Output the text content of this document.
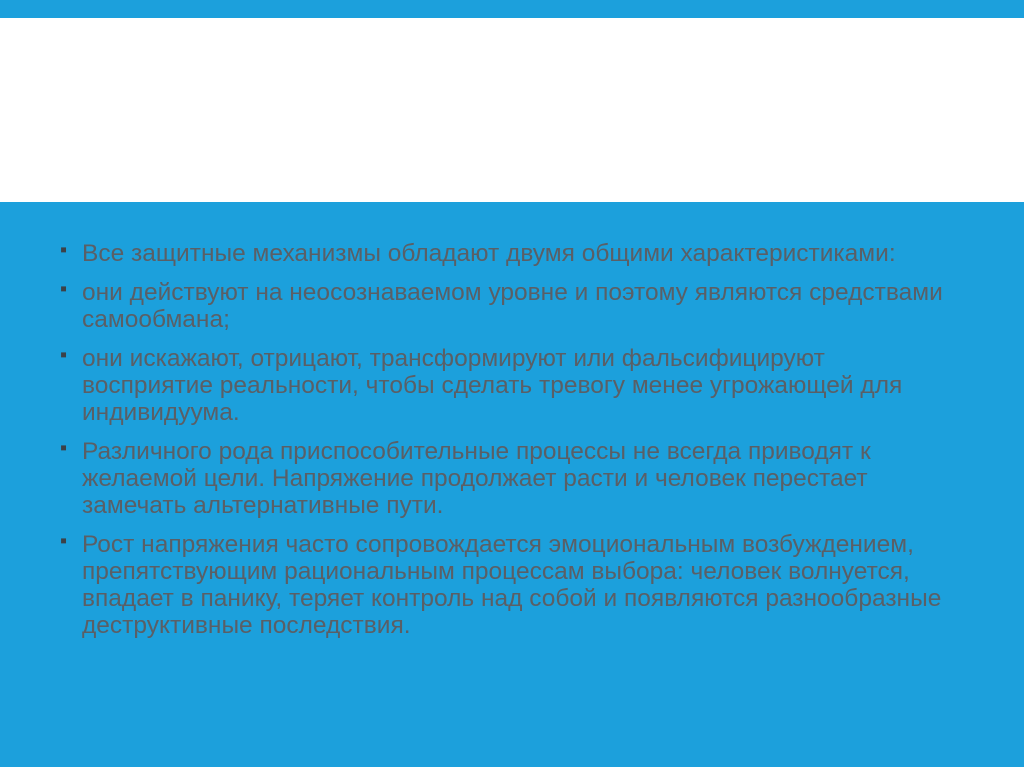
▪ Все защитные механизмы обладают двумя общими характеристиками:
▪ они действуют на неосознаваемом уровне и поэтому являются средствами самообмана;
▪ они искажают, отрицают, трансформируют или фальсифицируют восприятие реальности, чтобы сделать тревогу менее угрожающей для индивидуума.
▪ Различного рода приспособительные процессы не всегда приводят к желаемой цели. Напряжение продолжает расти и человек перестает замечать альтернативные пути.
▪ Рост напряжения часто сопровождается эмоциональным возбуждением, препятствующим рациональным процессам выбора: человек волнуется, впадает в панику, теряет контроль над собой и появляются разнообразные деструктивные последствия.
